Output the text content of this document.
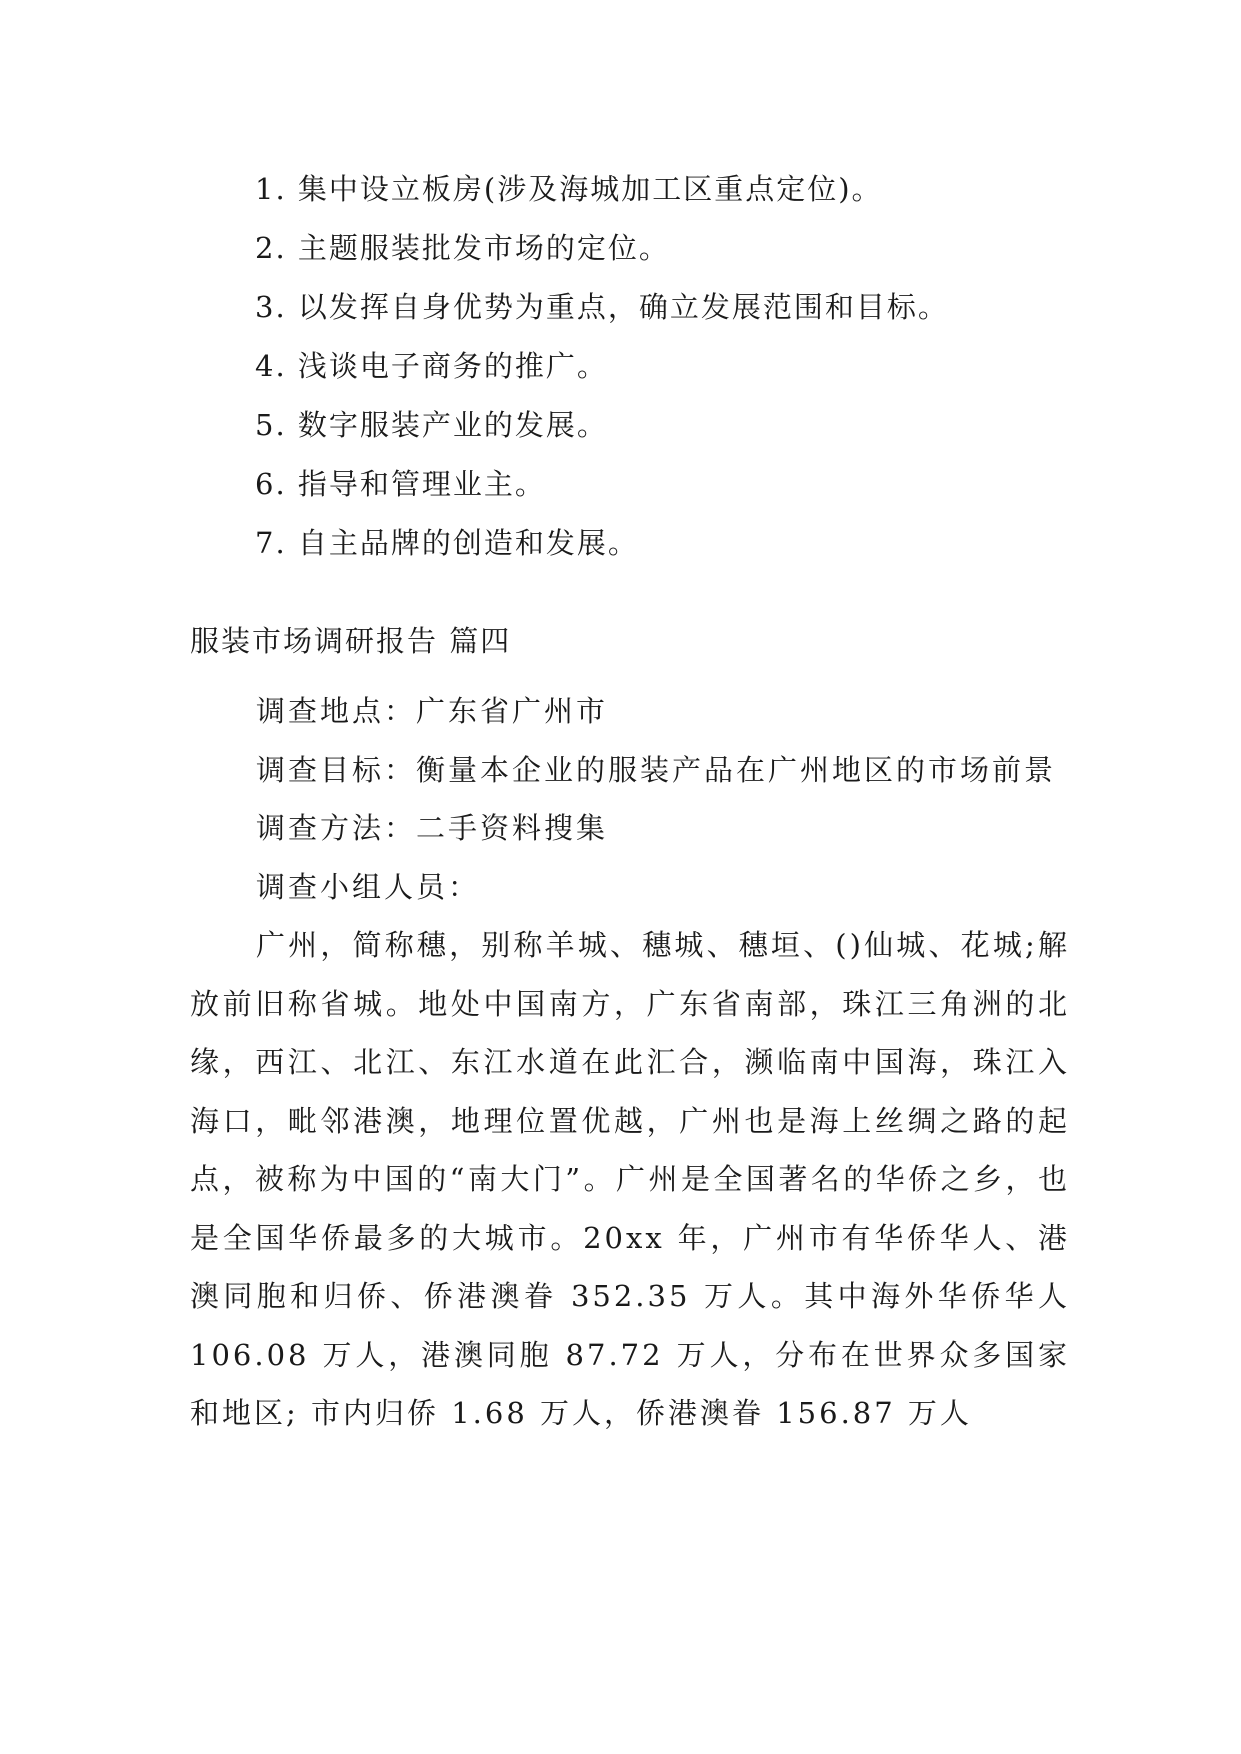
1. 集中设立板房(涉及海城加工区重点定位)。
2. 主题服装批发市场的定位。
3. 以发挥自身优势为重点，确立发展范围和目标。
4. 浅谈电子商务的推广。
5. 数字服装产业的发展。
6. 指导和管理业主。
7. 自主品牌的创造和发展。
服装市场调研报告 篇四

调查地点：广东省广州市

调查目标：衡量本企业的服装产品在广州地区的市场前景

调查方法：二手资料搜集

调查小组人员：

广州，简称穗，别称羊城、穗城、穗垣、()仙城、花城;解放前旧称省城。地处中国南方，广东省南部，珠江三角洲的北缘，西江、北江、东江水道在此汇合，濒临南中国海，珠江入海口，毗邻港澳，地理位置优越，广州也是海上丝绸之路的起点，被称为中国的“南大门”。广州是全国著名的华侨之乡，也是全国华侨最多的大城市。20xx 年，广州市有华侨华人、港澳同胞和归侨、侨港澳眷 352.35 万人。其中海外华侨华人 106.08 万人，港澳同胞 87.72 万人，分布在世界众多国家和地区; 市内归侨 1.68 万人，侨港澳眷 156.87 万人
